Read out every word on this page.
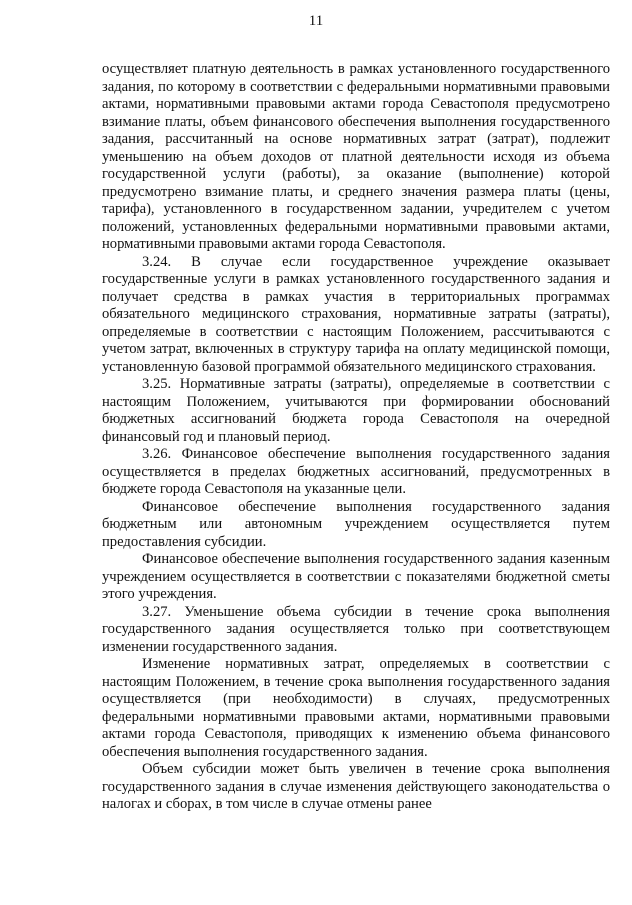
11

осуществляет платную деятельность в рамках установленного государственного задания, по которому в соответствии с федеральными нормативными правовыми актами, нормативными правовыми актами города Севастополя предусмотрено взимание платы, объем финансового обеспечения выполнения государственного задания, рассчитанный на основе нормативных затрат (затрат), подлежит уменьшению на объем доходов от платной деятельности исходя из объема государственной услуги (работы), за оказание (выполнение) которой предусмотрено взимание платы, и среднего значения размера платы (цены, тарифа), установленного в государственном задании, учредителем с учетом положений, установленных федеральными нормативными правовыми актами, нормативными правовыми актами города Севастополя.

3.24. В случае если государственное учреждение оказывает государственные услуги в рамках установленного государственного задания и получает средства в рамках участия в территориальных программах обязательного медицинского страхования, нормативные затраты (затраты), определяемые в соответствии с настоящим Положением, рассчитываются с учетом затрат, включенных в структуру тарифа на оплату медицинской помощи, установленную базовой программой обязательного медицинского страхования.

3.25. Нормативные затраты (затраты), определяемые в соответствии с настоящим Положением, учитываются при формировании обоснований бюджетных ассигнований бюджета города Севастополя на очередной финансовый год и плановый период.

3.26. Финансовое обеспечение выполнения государственного задания осуществляется в пределах бюджетных ассигнований, предусмотренных в бюджете города Севастополя на указанные цели.

Финансовое обеспечение выполнения государственного задания бюджетным или автономным учреждением осуществляется путем предоставления субсидии.

Финансовое обеспечение выполнения государственного задания казенным учреждением осуществляется в соответствии с показателями бюджетной сметы этого учреждения.

3.27. Уменьшение объема субсидии в течение срока выполнения государственного задания осуществляется только при соответствующем изменении государственного задания.

Изменение нормативных затрат, определяемых в соответствии с настоящим Положением, в течение срока выполнения государственного задания осуществляется (при необходимости) в случаях, предусмотренных федеральными нормативными правовыми актами, нормативными правовыми актами города Севастополя, приводящих к изменению объема финансового обеспечения выполнения государственного задания.

Объем субсидии может быть увеличен в течение срока выполнения государственного задания в случае изменения действующего законодательства о налогах и сборах, в том числе в случае отмены ранее
